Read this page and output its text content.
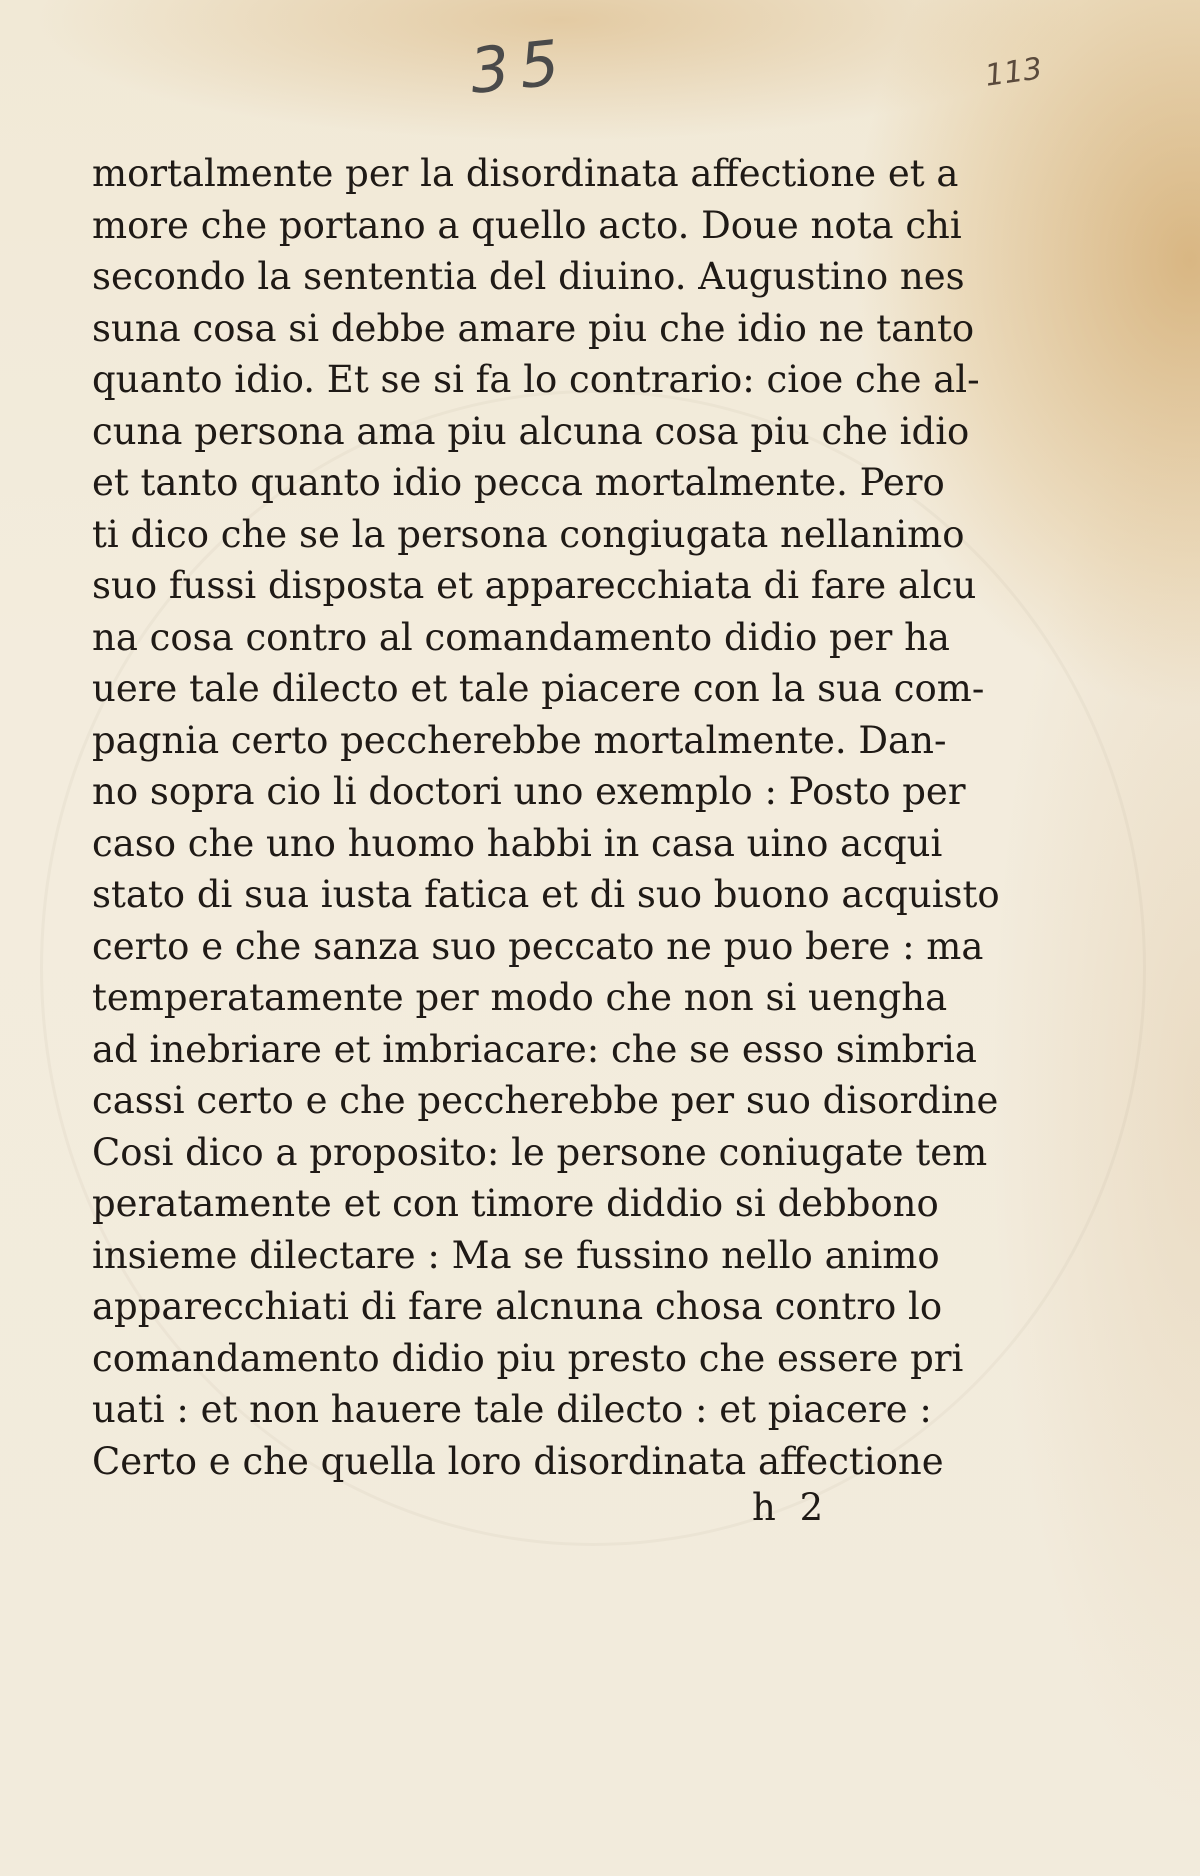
35	113
mortalmente per la disordinata affectione et a
more che portano a quello acto. Doue nota chi
secondo la sententia del diuino. Augustino nes
suna cosa si debbe amare piu che idio ne tanto
quanto idio. Et se si fa lo contrario: cioe che al-
cuna persona ama piu alcuna cosa piu che idio
et tanto quanto idio pecca mortalmente. Pero
ti dico che se la persona congiugata nellanimo
suo fussi disposta et apparecchiata di fare alcu
na cosa contro al comandamento didio per ha
uere tale dilecto et tale piacere con la sua com-
pagnia certo peccherebbe mortalmente. Dan-
no sopra cio li doctori uno exemplo : Posto per
caso che uno huomo habbi in casa uino acqui
stato di sua iusta fatica et di suo buono acquisto
certo e che sanza suo peccato ne puo bere : ma
temperatamente per modo che non si uengha
ad inebriare et imbriacare: che se esso simbria
cassi certo e che peccherebbe per suo disordine
Cosi dico a proposito: le persone coniugate tem
peratamente et con timore diddio si debbono
insieme dilectare : Ma se fussino nello animo
apparecchiati di fare alcnuna chosa contro lo
comandamento didio piu presto che essere pri
uati : et non hauere tale dilecto : et piacere :
Certo e che quella loro disordinata affectione
h 2
